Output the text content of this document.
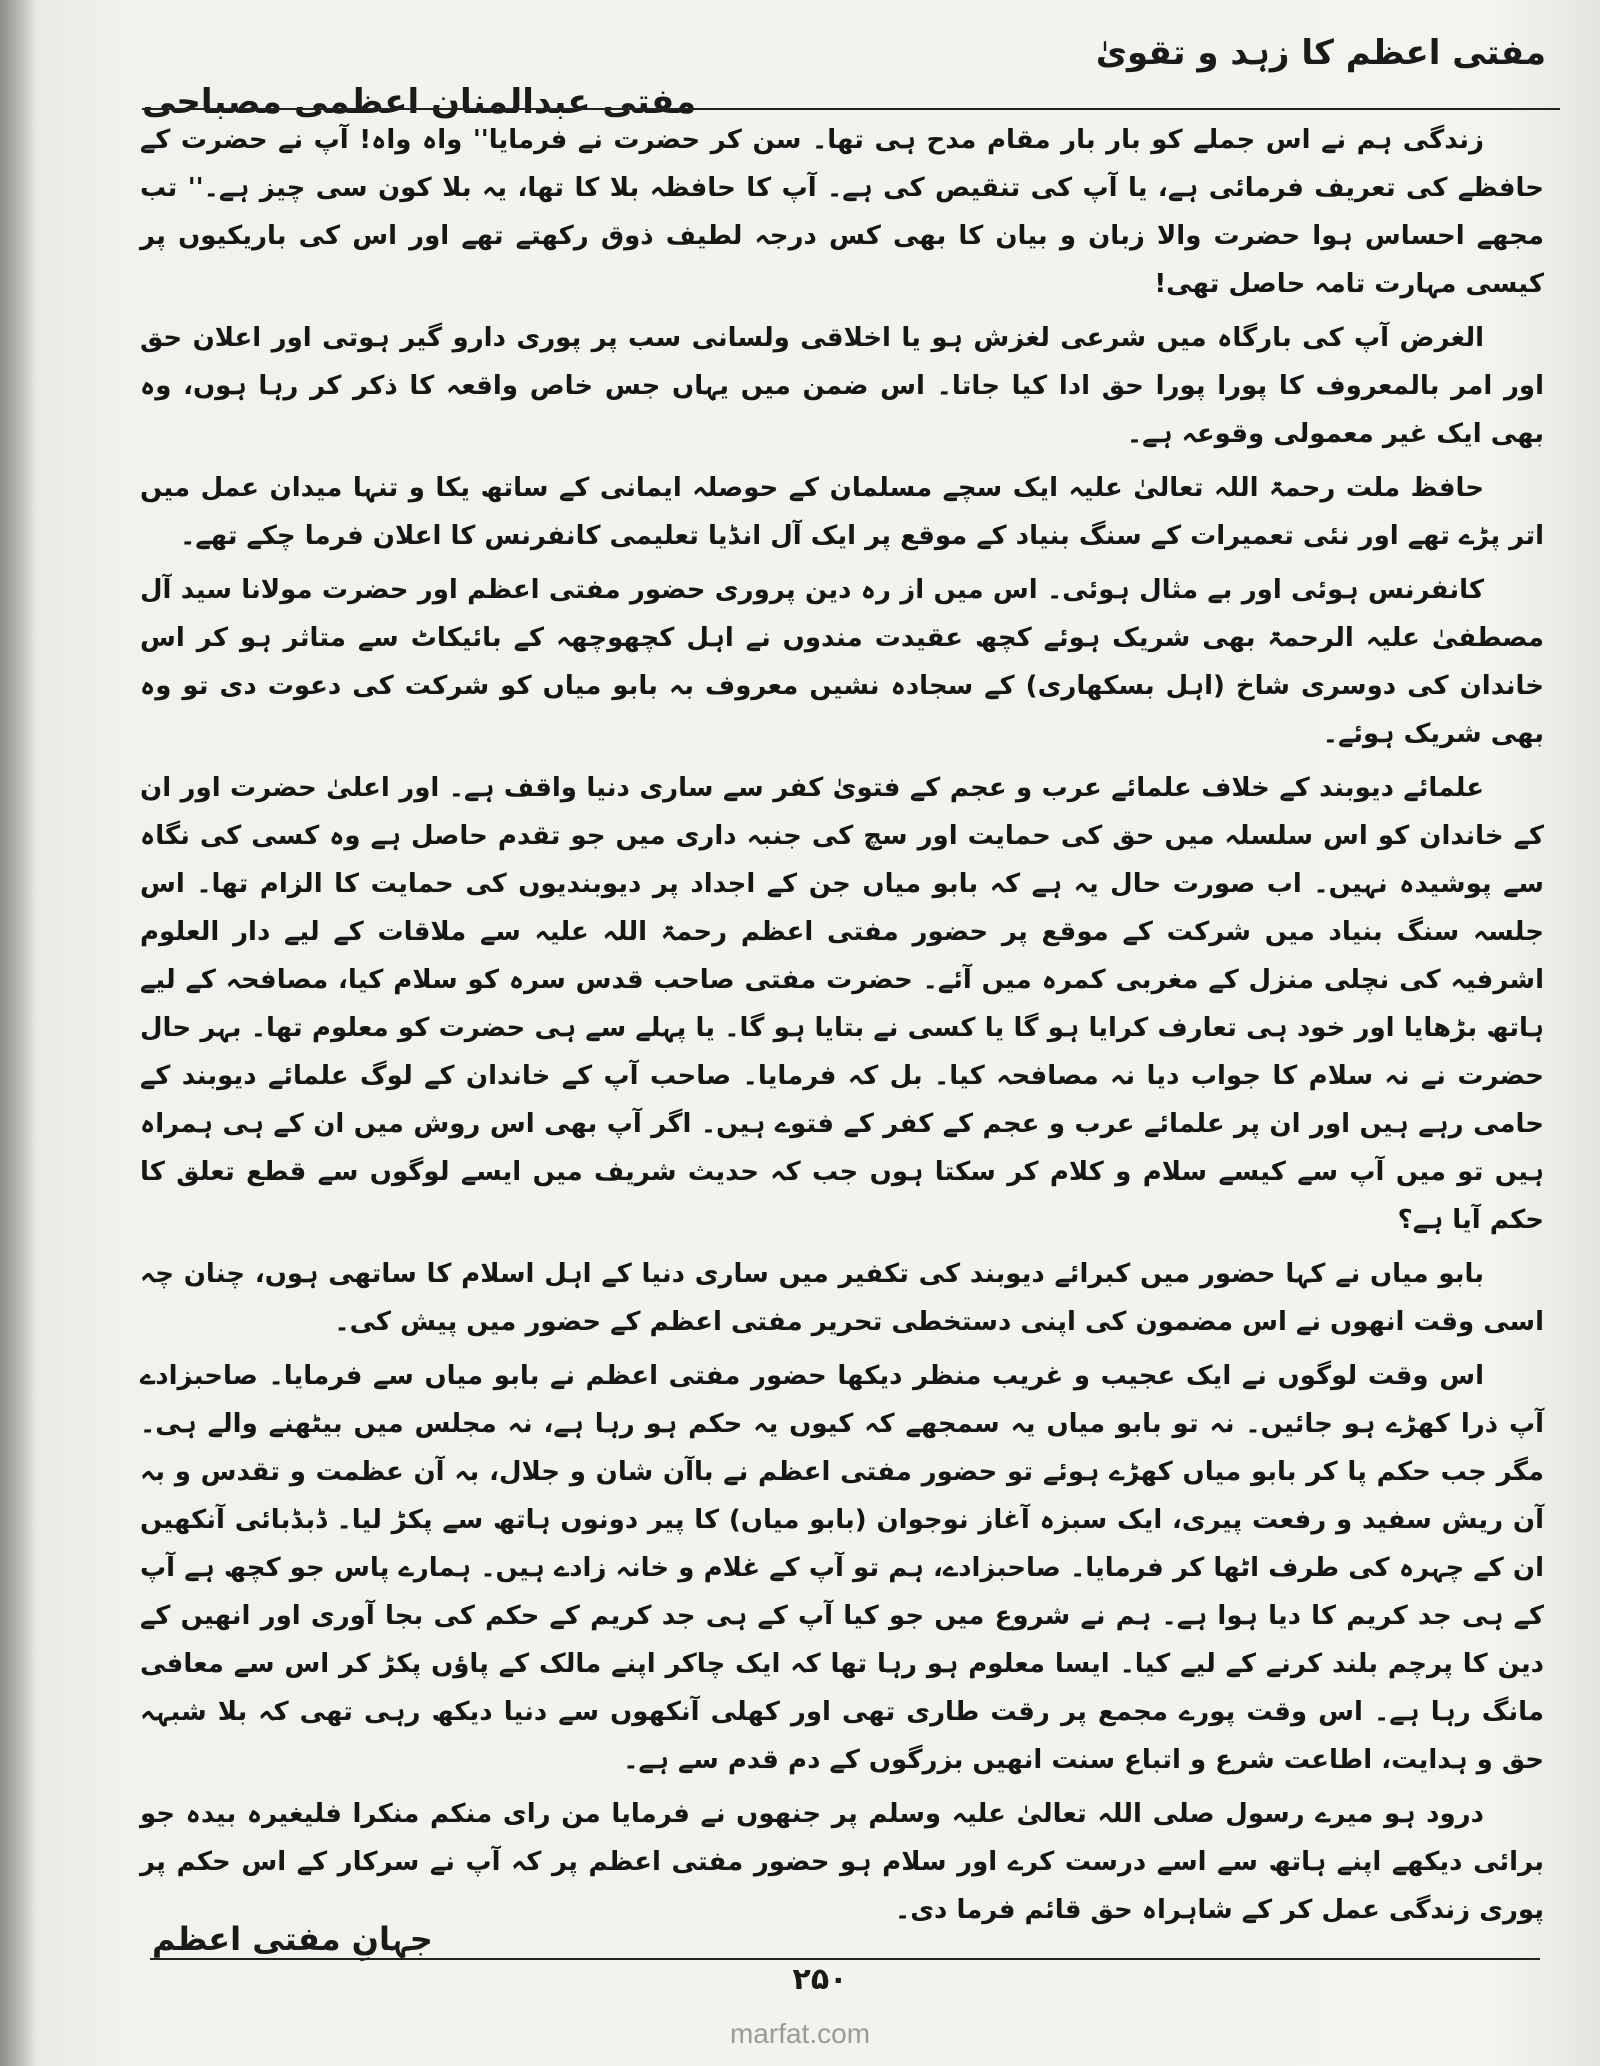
مفتی اعظم کا زہد و تقویٰ
مفتی عبدالمنان اعظمی مصباحی

زندگی ہم نے اس جملے کو بار بار مقام مدح ہی تھا۔ سن کر حضرت نے فرمایا'' واہ واہ! آپ نے حضرت کے حافظے کی تعریف فرمائی ہے، یا آپ کی تنقیص کی ہے۔ آپ کا حافظہ بلا کا تھا، یہ بلا کون سی چیز ہے۔'' تب مجھے احساس ہوا حضرت والا زبان و بیان کا بھی کس درجہ لطیف ذوق رکھتے تھے اور اس کی باریکیوں پر کیسی مہارت تامہ حاصل تھی!

الغرض آپ کی بارگاہ میں شرعی لغزش ہو یا اخلاقی ولسانی سب پر پوری دارو گیر ہوتی اور اعلان حق اور امر بالمعروف کا پورا پورا حق ادا کیا جاتا۔ اس ضمن میں یہاں جس خاص واقعہ کا ذکر کر رہا ہوں، وہ بھی ایک غیر معمولی وقوعہ ہے۔

حافظ ملت رحمۃ اللہ تعالیٰ علیہ ایک سچے مسلمان کے حوصلہ ایمانی کے ساتھ یکا و تنہا میدان عمل میں اتر پڑے تھے اور نئی تعمیرات کے سنگ بنیاد کے موقع پر ایک آل انڈیا تعلیمی کانفرنس کا اعلان فرما چکے تھے۔

کانفرنس ہوئی اور بے مثال ہوئی۔ اس میں از رہ دین پروری حضور مفتی اعظم اور حضرت مولانا سید آل مصطفیٰ علیہ الرحمۃ بھی شریک ہوئے کچھ عقیدت مندوں نے اہل کچھوچھہ کے بائیکاٹ سے متاثر ہو کر اس خاندان کی دوسری شاخ (اہل بسکھاری) کے سجادہ نشیں معروف بہ بابو میاں کو شرکت کی دعوت دی تو وہ بھی شریک ہوئے۔

علمائے دیوبند کے خلاف علمائے عرب و عجم کے فتویٰ کفر سے ساری دنیا واقف ہے۔ اور اعلیٰ حضرت اور ان کے خاندان کو اس سلسلہ میں حق کی حمایت اور سچ کی جنبہ داری میں جو تقدم حاصل ہے وہ کسی کی نگاہ سے پوشیدہ نہیں۔ اب صورت حال یہ ہے کہ بابو میاں جن کے اجداد پر دیوبندیوں کی حمایت کا الزام تھا۔ اس جلسہ سنگ بنیاد میں شرکت کے موقع پر حضور مفتی اعظم رحمۃ اللہ علیہ سے ملاقات کے لیے دار العلوم اشرفیہ کی نچلی منزل کے مغربی کمرہ میں آئے۔ حضرت مفتی صاحب قدس سرہ کو سلام کیا، مصافحہ کے لیے ہاتھ بڑھایا اور خود ہی تعارف کرایا ہو گا یا کسی نے بتایا ہو گا۔ یا پہلے سے ہی حضرت کو معلوم تھا۔ بہر حال حضرت نے نہ سلام کا جواب دیا نہ مصافحہ کیا۔ بل کہ فرمایا۔ صاحب آپ کے خاندان کے لوگ علمائے دیوبند کے حامی رہے ہیں اور ان پر علمائے عرب و عجم کے کفر کے فتوے ہیں۔ اگر آپ بھی اس روش میں ان کے ہی ہمراہ ہیں تو میں آپ سے کیسے سلام و کلام کر سکتا ہوں جب کہ حدیث شریف میں ایسے لوگوں سے قطع تعلق کا حکم آیا ہے؟

بابو میاں نے کہا حضور میں کبرائے دیوبند کی تکفیر میں ساری دنیا کے اہل اسلام کا ساتھی ہوں، چنان چہ اسی وقت انھوں نے اس مضمون کی اپنی دستخطی تحریر مفتی اعظم کے حضور میں پیش کی۔

اس وقت لوگوں نے ایک عجیب و غریب منظر دیکھا حضور مفتی اعظم نے بابو میاں سے فرمایا۔ صاحبزادے آپ ذرا کھڑے ہو جائیں۔ نہ تو بابو میاں یہ سمجھے کہ کیوں یہ حکم ہو رہا ہے، نہ مجلس میں بیٹھنے والے ہی۔ مگر جب حکم پا کر بابو میاں کھڑے ہوئے تو حضور مفتی اعظم نے باآن شان و جلال، بہ آن عظمت و تقدس و بہ آن ریش سفید و رفعت پیری، ایک سبزہ آغاز نوجوان (بابو میاں) کا پیر دونوں ہاتھ سے پکڑ لیا۔ ڈبڈبائی آنکھیں ان کے چہرہ کی طرف اٹھا کر فرمایا۔ صاحبزادے، ہم تو آپ کے غلام و خانہ زادے ہیں۔ ہمارے پاس جو کچھ ہے آپ کے ہی جد کریم کا دیا ہوا ہے۔ ہم نے شروع میں جو کیا آپ کے ہی جد کریم کے حکم کی بجا آوری اور انھیں کے دین کا پرچم بلند کرنے کے لیے کیا۔ ایسا معلوم ہو رہا تھا کہ ایک چاکر اپنے مالک کے پاؤں پکڑ کر اس سے معافی مانگ رہا ہے۔ اس وقت پورے مجمع پر رقت طاری تھی اور کھلی آنکھوں سے دنیا دیکھ رہی تھی کہ بلا شبہہ حق و ہدایت، اطاعت شرع و اتباع سنت انھیں بزرگوں کے دم قدم سے ہے۔

درود ہو میرے رسول صلی اللہ تعالیٰ علیہ وسلم پر جنھوں نے فرمایا من رای منکم منکرا فلیغیرہ بیدہ جو برائی دیکھے اپنے ہاتھ سے اسے درست کرے اور سلام ہو حضور مفتی اعظم پر کہ آپ نے سرکار کے اس حکم پر پوری زندگی عمل کر کے شاہراہ حق قائم فرما دی۔

جہانِ مفتی اعظم
۲۵۰
marfat.com
